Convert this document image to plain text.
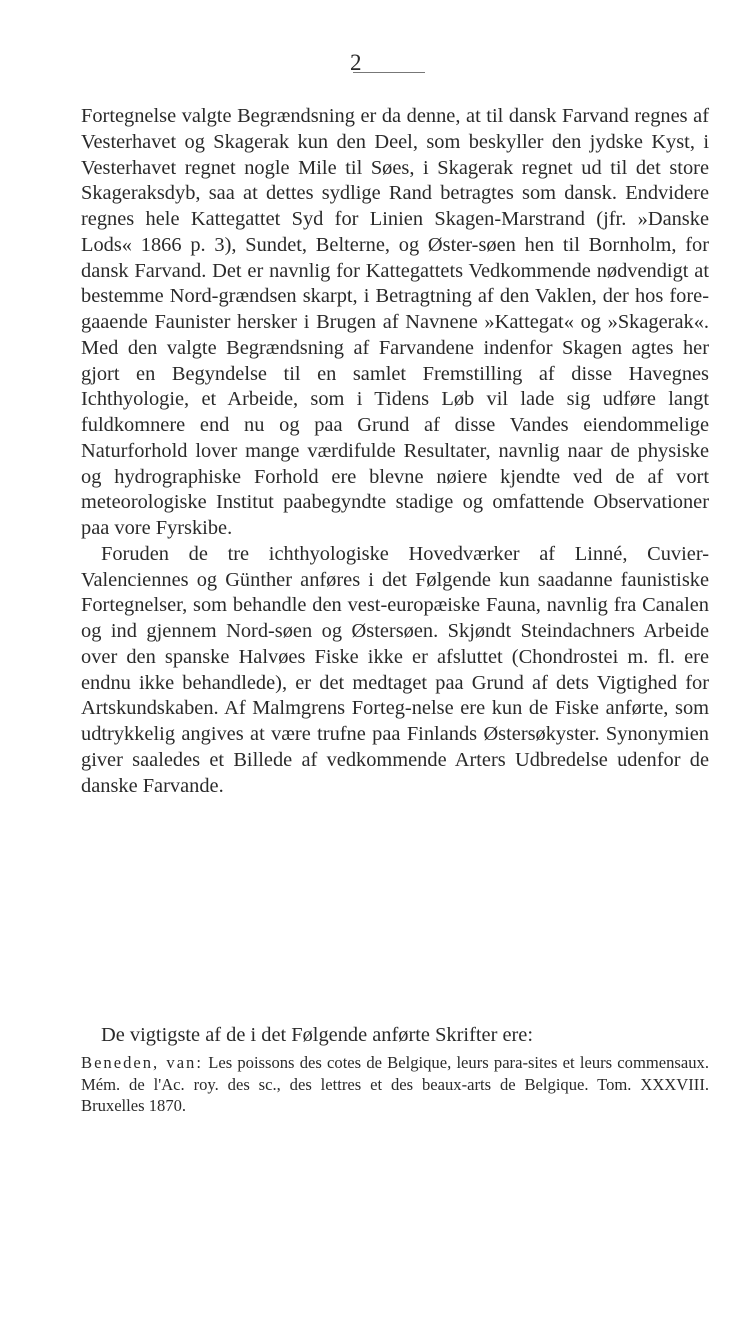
2

Fortegnelse valgte Begrændsning er da denne, at til dansk Farvand regnes af Vesterhavet og Skagerak kun den Deel, som beskyller den jydske Kyst, i Vesterhavet regnet nogle Mile til Søes, i Skagerak regnet ud til det store Skageraksdyb, saa at dettes sydlige Rand betragtes som dansk. Endvidere regnes hele Kattegattet Syd for Linien Skagen-Marstrand (jfr. »Danske Lods« 1866 p. 3), Sundet, Belterne, og Øster-søen hen til Bornholm, for dansk Farvand. Det er navnlig for Kattegattets Vedkommende nødvendigt at bestemme Nord-grændsen skarpt, i Betragtning af den Vaklen, der hos fore-gaaende Faunister hersker i Brugen af Navnene »Kattegat« og »Skagerak«. Med den valgte Begrændsning af Farvandene indenfor Skagen agtes her gjort en Begyndelse til en samlet Fremstilling af disse Havegnes Ichthyologie, et Arbeide, som i Tidens Løb vil lade sig udføre langt fuldkomnere end nu og paa Grund af disse Vandes eiendommelige Naturforhold lover mange værdifulde Resultater, navnlig naar de physiske og hydrographiske Forhold ere blevne nøiere kjendte ved de af vort meteorologiske Institut paabegyndte stadige og omfattende Observationer paa vore Fyrskibe.

Foruden de tre ichthyologiske Hovedværker af Linné, Cuvier-Valenciennes og Günther anføres i det Følgende kun saadanne faunistiske Fortegnelser, som behandle den vest-europæiske Fauna, navnlig fra Canalen og ind gjennem Nord-søen og Østersøen. Skjøndt Steindachners Arbeide over den spanske Halvøes Fiske ikke er afsluttet (Chondrostei m. fl. ere endnu ikke behandlede), er det medtaget paa Grund af dets Vigtighed for Artskundskaben. Af Malmgrens Forteg-nelse ere kun de Fiske anførte, som udtrykkelig angives at være trufne paa Finlands Østersøkyster. Synonymien giver saaledes et Billede af vedkommende Arters Udbredelse udenfor de danske Farvande.

De vigtigste af de i det Følgende anførte Skrifter ere:

Beneden, van: Les poissons des cotes de Belgique, leurs para-sites et leurs commensaux. Mém. de l'Ac. roy. des sc., des lettres et des beaux-arts de Belgique. Tom. XXXVIII. Bruxelles 1870.
